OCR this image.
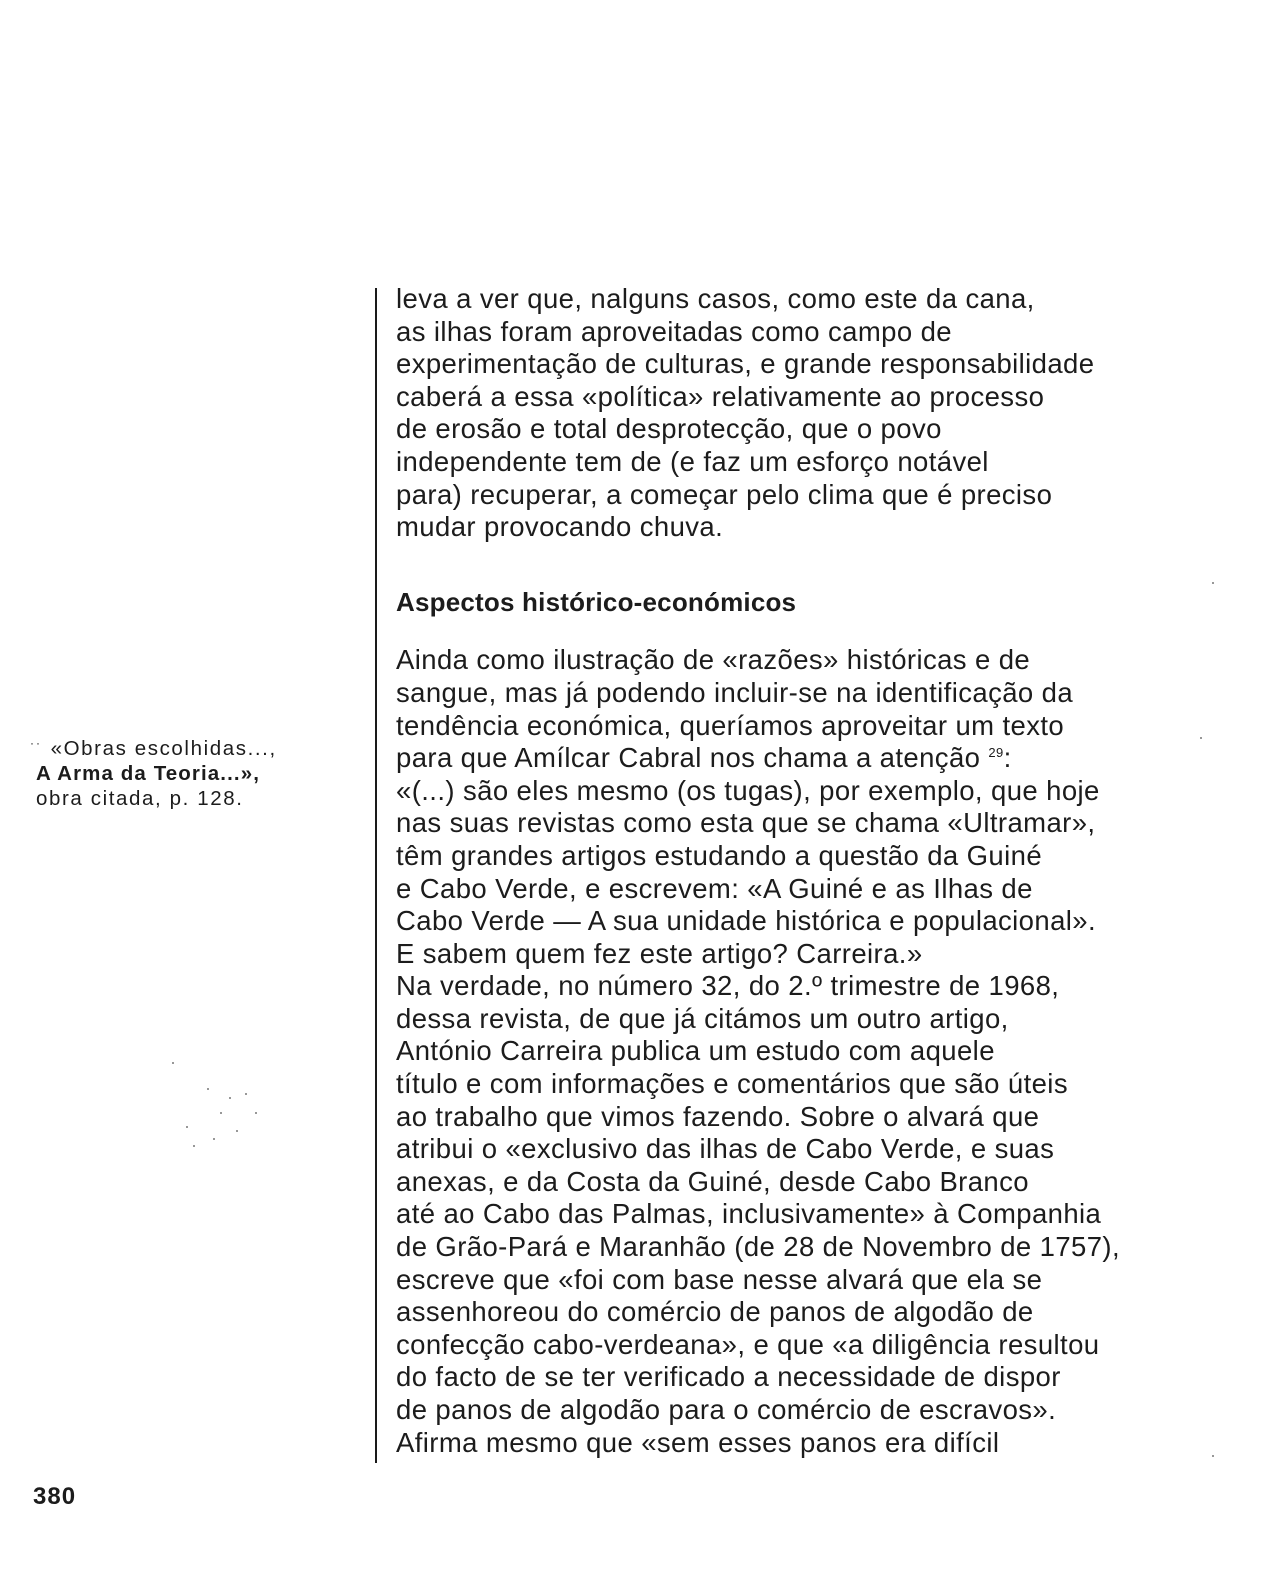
leva a ver que, nalguns casos, como este da cana,
as ilhas foram aproveitadas como campo de
experimentação de culturas, e grande responsabilidade
caberá a essa «política» relativamente ao processo
de erosão e total desprotecção, que o povo
independente tem de (e faz um esforço notável
para) recuperar, a começar pelo clima que é preciso
mudar provocando chuva.
Aspectos histórico-económicos
Ainda como ilustração de «razões» históricas e de
sangue, mas já podendo incluir-se na identificação da
tendência económica, queríamos aproveitar um texto
para que Amílcar Cabral nos chama a atenção $^{29}$:
«(...) são eles mesmo (os tugas), por exemplo, que hoje
nas suas revistas como esta que se chama «Ultramar»,
têm grandes artigos estudando a questão da Guiné
e Cabo Verde, e escrevem: «A Guiné e as Ilhas de
Cabo Verde — A sua unidade histórica e populacional».
E sabem quem fez este artigo? Carreira.»
Na verdade, no número 32, do 2.º trimestre de 1968,
dessa revista, de que já citámos um outro artigo,
António Carreira publica um estudo com aquele
título e com informações e comentários que são úteis
ao trabalho que vimos fazendo. Sobre o alvará que
atribui o «exclusivo das ilhas de Cabo Verde, e suas
anexas, e da Costa da Guiné, desde Cabo Branco
até ao Cabo das Palmas, inclusivamente» à Companhia
de Grão-Pará e Maranhão (de 28 de Novembro de 1757),
escreve que «foi com base nesse alvará que ela se
assenhoreou do comércio de panos de algodão de
confecção cabo-verdeana», e que «a diligência resultou
do facto de se ter verificado a necessidade de dispor
de panos de algodão para o comércio de escravos».
Afirma mesmo que «sem esses panos era difícil
·· «Obras escolhidas...,
A Arma da Teoria...»,
obra citada, p. 128.
380
